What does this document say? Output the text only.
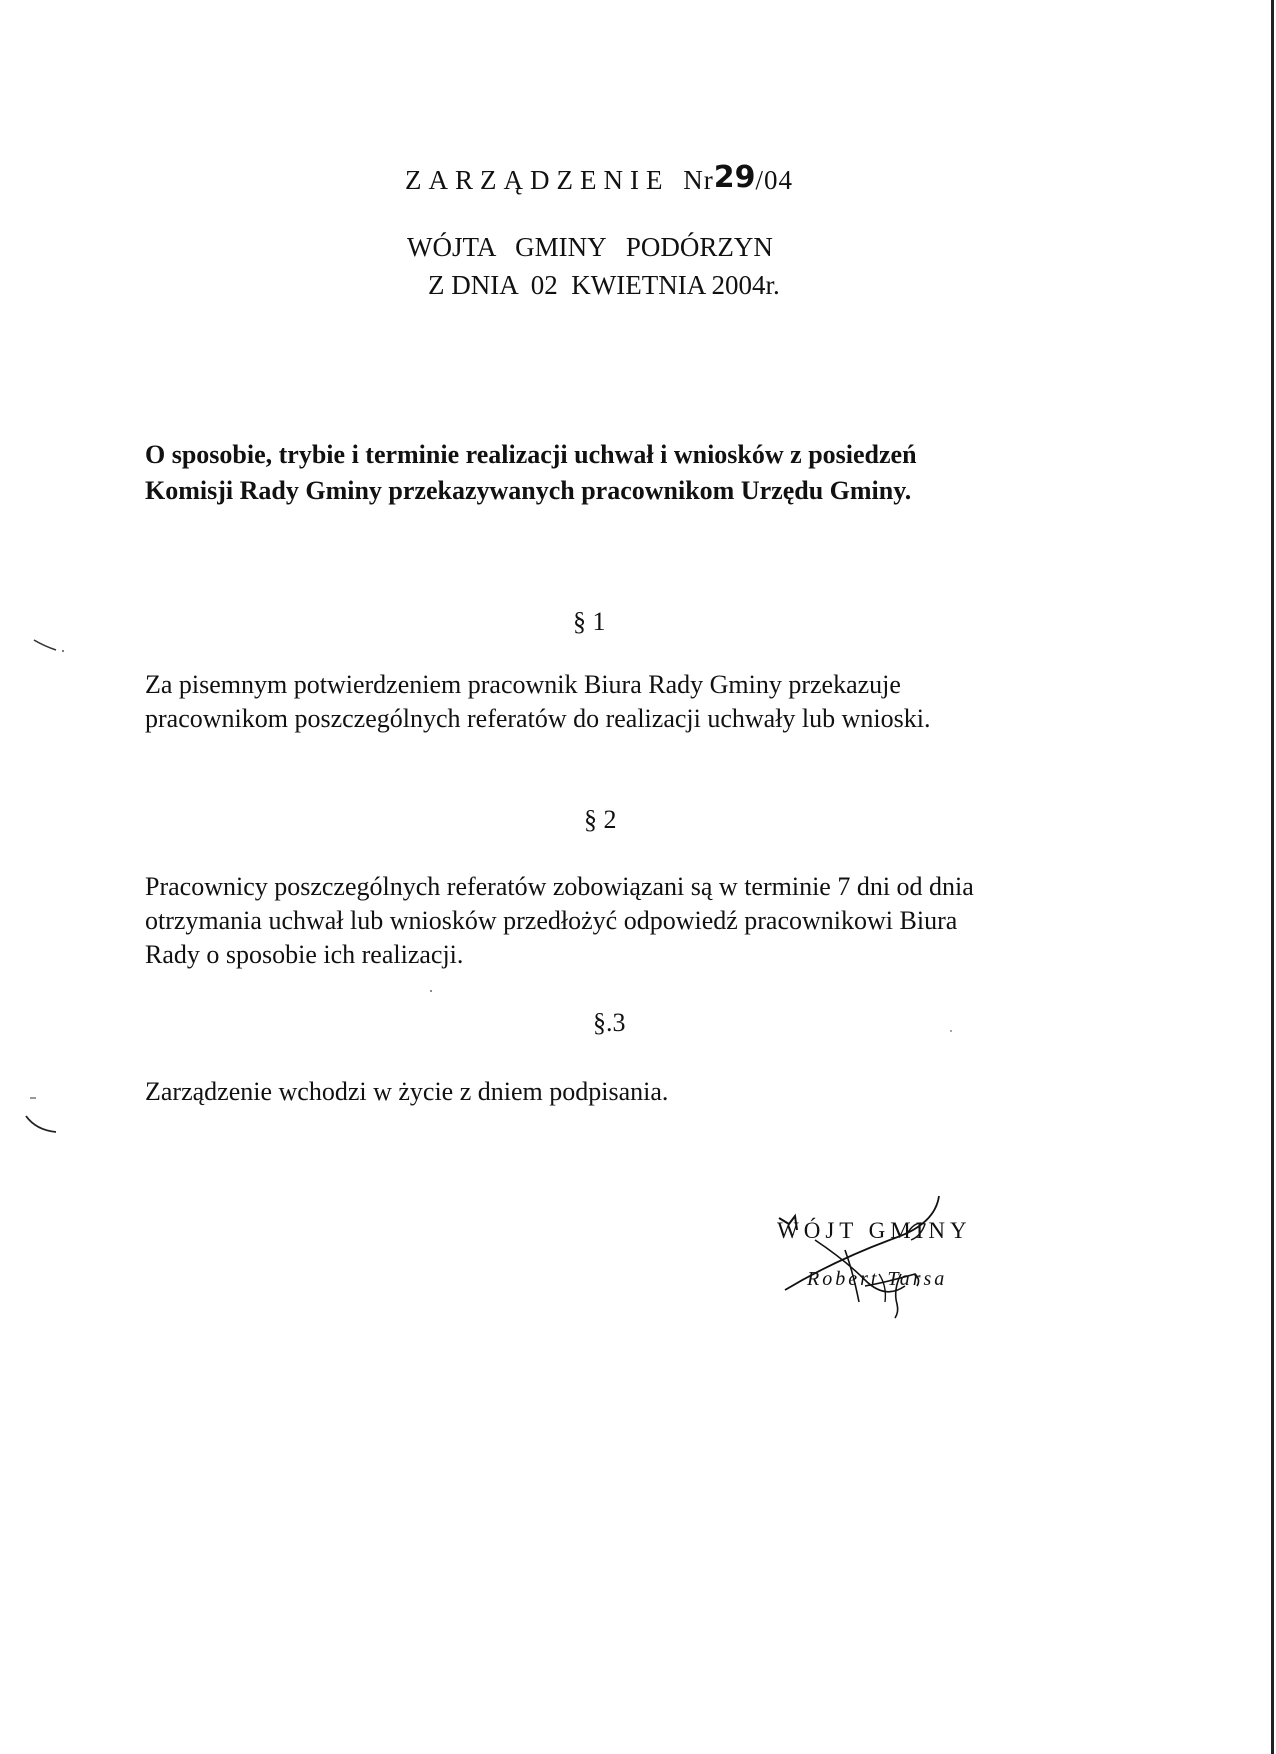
ZARZĄDZENIE Nr29/04
WÓJTA   GMINY   PODÓRZYN
Z DNIA  02  KWIETNIA 2004r.
O sposobie, trybie i terminie realizacji uchwał i wniosków z posiedzeń
Komisji Rady Gminy przekazywanych pracownikom Urzędu Gminy.
§ 1
Za pisemnym potwierdzeniem pracownik Biura Rady Gminy przekazuje
pracownikom poszczególnych referatów do realizacji uchwały lub wnioski.
§ 2
Pracownicy poszczególnych referatów zobowiązani są w terminie 7 dni od dnia
otrzymania uchwał lub wniosków przedłożyć odpowiedź pracownikowi Biura
Rady o sposobie ich realizacji.
§.3
Zarządzenie wchodzi w życie z dniem podpisania.
WÓJT GMINY
Robert Tarsa
